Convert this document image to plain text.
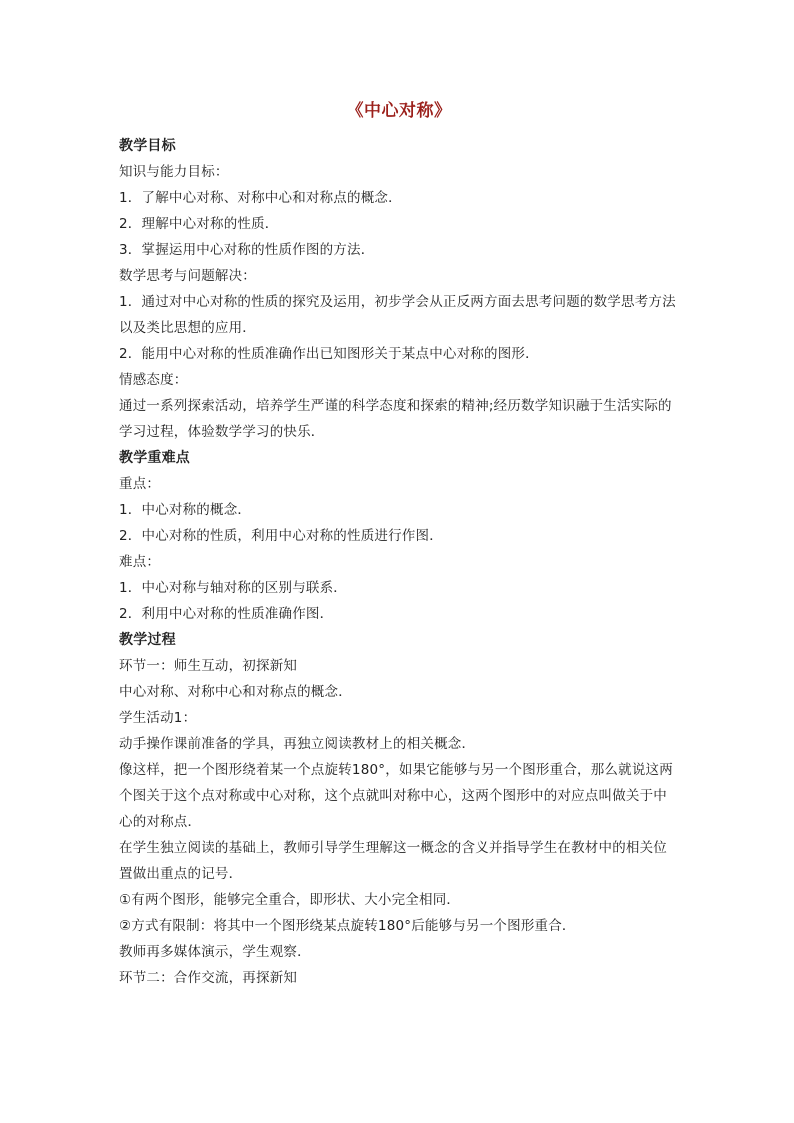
《中心对称》
教学目标
知识与能力目标：
1．了解中心对称、对称中心和对称点的概念．
2．理解中心对称的性质．
3．掌握运用中心对称的性质作图的方法．
数学思考与问题解决：
1．通过对中心对称的性质的探究及运用，初步学会从正反两方面去思考问题的数学思考方法以及类比思想的应用．
2．能用中心对称的性质准确作出已知图形关于某点中心对称的图形．
情感态度：
通过一系列探索活动，培养学生严谨的科学态度和探索的精神;经历数学知识融于生活实际的学习过程，体验数学学习的快乐．
教学重难点
重点：
1．中心对称的概念．
2．中心对称的性质，利用中心对称的性质进行作图．
难点：
1．中心对称与轴对称的区别与联系．
2．利用中心对称的性质准确作图．
教学过程
环节一：师生互动，初探新知
中心对称、对称中心和对称点的概念．
学生活动1：
动手操作课前准备的学具，再独立阅读教材上的相关概念．
像这样，把一个图形绕着某一个点旋转180°，如果它能够与另一个图形重合，那么就说这两个图关于这个点对称或中心对称，这个点就叫对称中心，这两个图形中的对应点叫做关于中心的对称点．
在学生独立阅读的基础上，教师引导学生理解这一概念的含义并指导学生在教材中的相关位置做出重点的记号．
①有两个图形，能够完全重合，即形状、大小完全相同．
②方式有限制：将其中一个图形绕某点旋转180°后能够与另一个图形重合．
教师再多媒体演示，学生观察．
环节二：合作交流，再探新知
